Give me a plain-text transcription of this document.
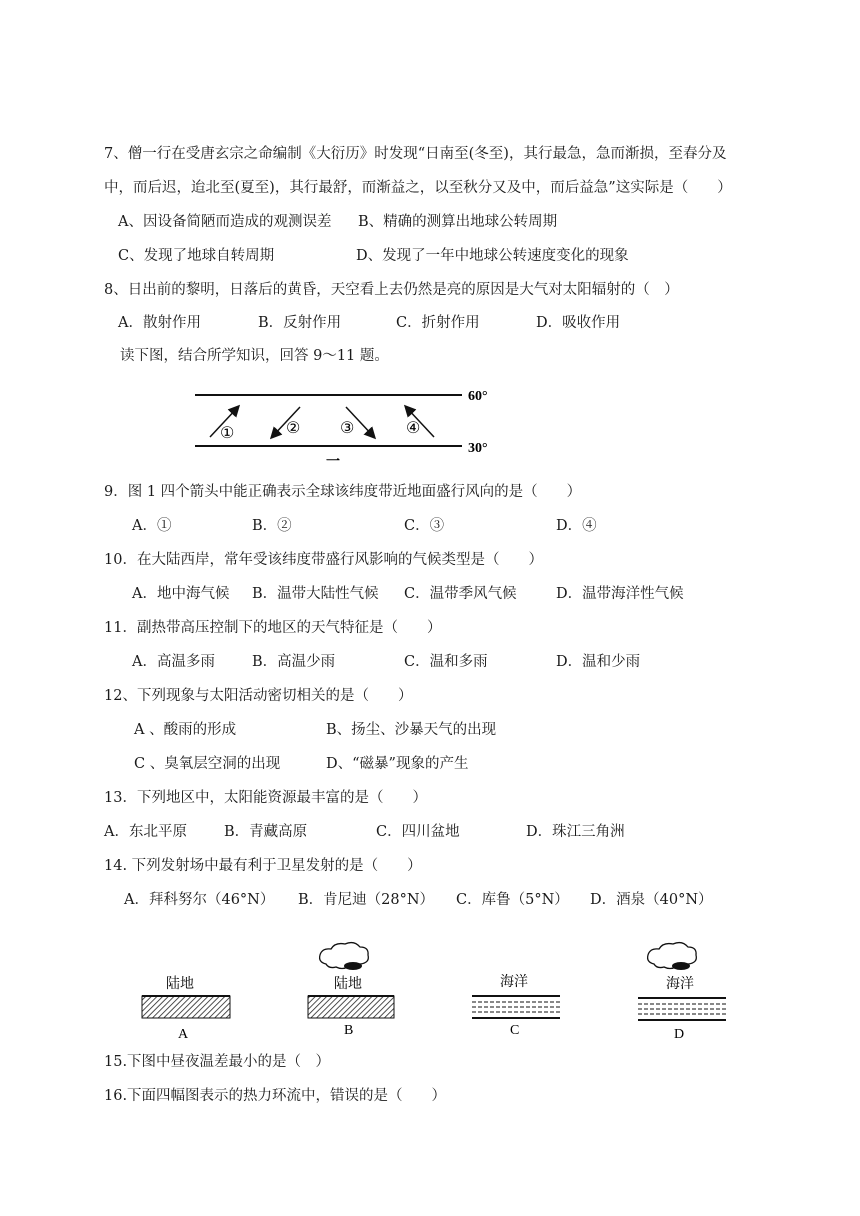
7、僧一行在受唐玄宗之命编制《大衍历》时发现“日南至(冬至)，其行最急，急而渐损，至春分及
中，而后迟，迨北至(夏至)，其行最舒，而渐益之，以至秋分又及中，而后益急”这实际是（　　）
A、因设备简陋而造成的观测误差 B、精确的测算出地球公转周期
C、发现了地球自转周期	D、发现了一年中地球公转速度变化的现象
8、日出前的黎明，日落后的黄昏，天空看上去仍然是亮的原因是大气对太阳辐射的（　）
A．散射作用	B．反射作用	C．折射作用	D．吸收作用
读下图，结合所学知识，回答 9～11 题。
60°
30°
①	② ③	④
一
9．图 1 四个箭头中能正确表示全球该纬度带近地面盛行风向的是（　　）
A．①	B．②	C．③	D．④
10．在大陆西岸，常年受该纬度带盛行风影响的气候类型是（　　）
A．地中海气候 B．温带大陆性气候 C．温带季风气候	D．温带海洋性气候
11．副热带高压控制下的地区的天气特征是（　　）
A．高温多雨	B．高温少雨	C．温和多雨	D．温和少雨
12、下列现象与太阳活动密切相关的是（　　）
A 、酸雨的形成	B、扬尘、沙暴天气的出现
C 、臭氧层空洞的出现	D、“磁暴”现象的产生
13．下列地区中，太阳能资源最丰富的是（　　）
A．东北平原	B．青藏高原	C．四川盆地	D．珠江三角洲
14. 下列发射场中最有利于卫星发射的是（　　）
A．拜科努尔（46°N） B．肯尼迪（28°N） C．库鲁（5°N） D．酒泉（40°N）
陆地
A
陆地
B
海洋
C
海洋
D
15.下图中昼夜温差最小的是（　）
16.下面四幅图表示的热力环流中，错误的是（　　）
